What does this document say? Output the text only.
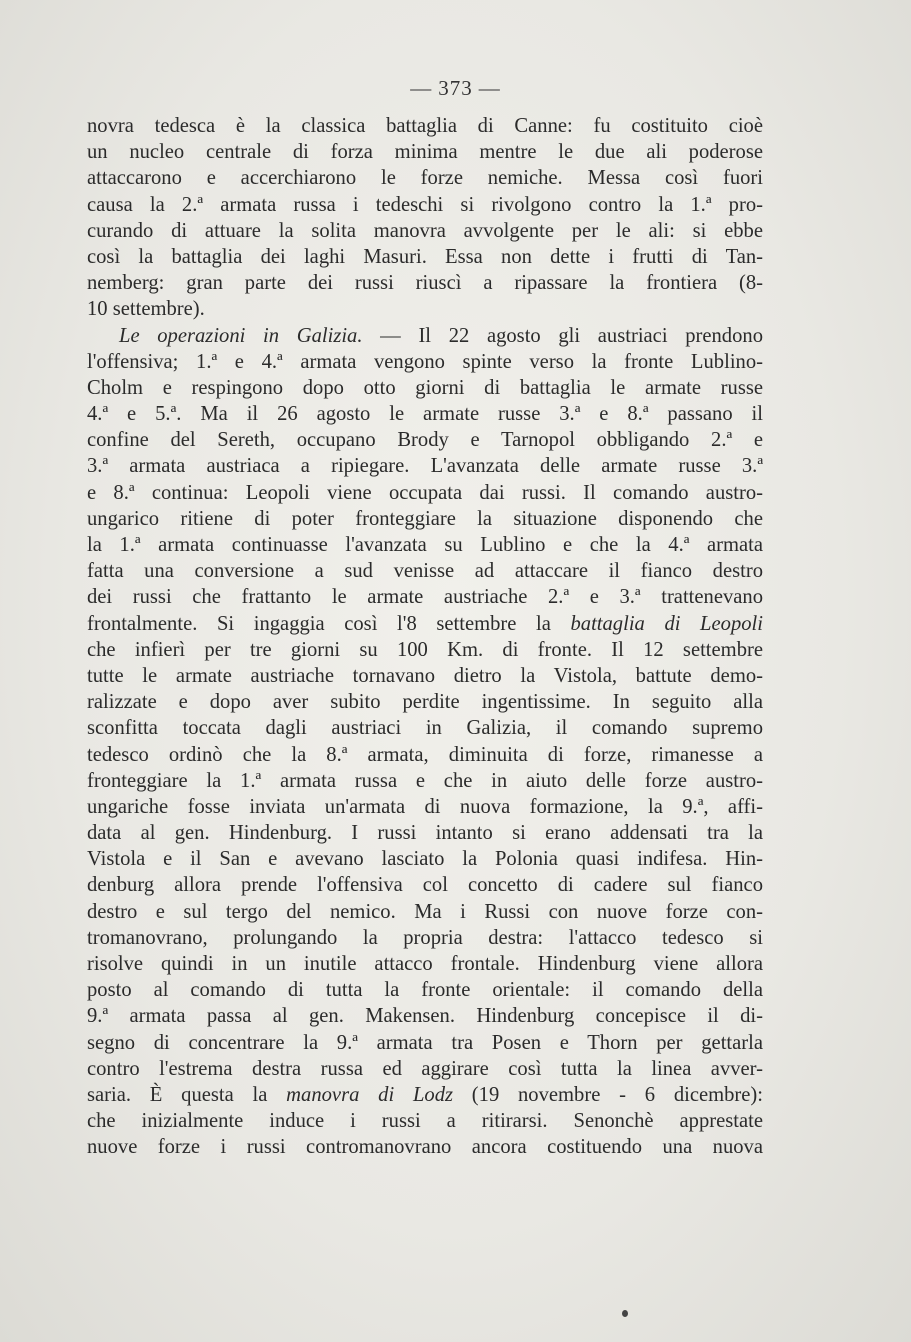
— 373 —
novra tedesca è la classica battaglia di Canne: fu costituito cioè
un nucleo centrale di forza minima mentre le due ali poderose
attaccarono e accerchiarono le forze nemiche. Messa così fuori
causa la 2.ª armata russa i tedeschi si rivolgono contro la 1.ª pro-
curando di attuare la solita manovra avvolgente per le ali: si ebbe
così la battaglia dei laghi Masuri. Essa non dette i frutti di Tan-
nemberg: gran parte dei russi riuscì a ripassare la frontiera (8-
10 settembre).
Le operazioni in Galizia. — Il 22 agosto gli austriaci prendono
l'offensiva; 1.ª e 4.ª armata vengono spinte verso la fronte Lublino-
Cholm e respingono dopo otto giorni di battaglia le armate russe
4.ª e 5.ª. Ma il 26 agosto le armate russe 3.ª e 8.ª passano il
confine del Sereth, occupano Brody e Tarnopol obbligando 2.ª e
3.ª armata austriaca a ripiegare. L'avanzata delle armate russe 3.ª
e 8.ª continua: Leopoli viene occupata dai russi. Il comando austro-
ungarico ritiene di poter fronteggiare la situazione disponendo che
la 1.ª armata continuasse l'avanzata su Lublino e che la 4.ª armata
fatta una conversione a sud venisse ad attaccare il fianco destro
dei russi che frattanto le armate austriache 2.ª e 3.ª trattenevano
frontalmente. Si ingaggia così l'8 settembre la battaglia di Leopoli
che infierì per tre giorni su 100 Km. di fronte. Il 12 settembre
tutte le armate austriache tornavano dietro la Vistola, battute demo-
ralizzate e dopo aver subito perdite ingentissime. In seguito alla
sconfitta toccata dagli austriaci in Galizia, il comando supremo
tedesco ordinò che la 8.ª armata, diminuita di forze, rimanesse a
fronteggiare la 1.ª armata russa e che in aiuto delle forze austro-
ungariche fosse inviata un'armata di nuova formazione, la 9.ª, affi-
data al gen. Hindenburg. I russi intanto si erano addensati tra la
Vistola e il San e avevano lasciato la Polonia quasi indifesa. Hin-
denburg allora prende l'offensiva col concetto di cadere sul fianco
destro e sul tergo del nemico. Ma i Russi con nuove forze con-
tromanovrano, prolungando la propria destra: l'attacco tedesco si
risolve quindi in un inutile attacco frontale. Hindenburg viene allora
posto al comando di tutta la fronte orientale: il comando della
9.ª armata passa al gen. Makensen. Hindenburg concepisce il di-
segno di concentrare la 9.ª armata tra Posen e Thorn per gettarla
contro l'estrema destra russa ed aggirare così tutta la linea avver-
saria. È questa la manovra di Lodz (19 novembre - 6 dicembre):
che inizialmente induce i russi a ritirarsi. Senonchè apprestate
nuove forze i russi contromanovrano ancora costituendo una nuova
